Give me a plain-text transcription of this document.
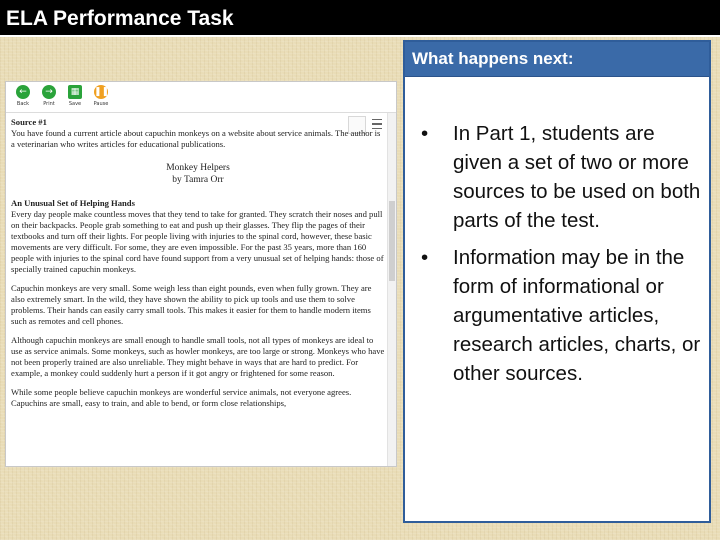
ELA Performance Task
←
Back
→
Print
▦
Save
❚❚
Pause
Source #1

You have found a current article about capuchin monkeys on a website about service animals. The author is a veterinarian who writes articles for educational publications.

Monkey Helpers
by Tamra Orr
An Unusual Set of Helping Hands

Every day people make countless moves that they tend to take for granted. They scratch their noses and pull on their backpacks. People grab something to eat and push up their glasses. They flip the pages of their textbooks and turn off their lights. For people living with injuries to the spinal cord, however, these basic movements are very difficult. For some, they are even impossible. For the past 35 years, more than 160 people with injuries to the spinal cord have found support from a very unusual set of helping hands: those of specially trained capuchin monkeys.

Capuchin monkeys are very small. Some weigh less than eight pounds, even when fully grown. They are also extremely smart. In the wild, they have shown the ability to pick up tools and use them to solve problems. Their hands can easily carry small tools. This makes it easier for them to handle modern items such as remotes and cell phones.

Although capuchin monkeys are small enough to handle small tools, not all types of monkeys are ideal to use as service animals. Some monkeys, such as howler monkeys, are too large or strong. Monkeys who have not been properly trained are also unreliable. They might behave in ways that are hard to predict. For example, a monkey could suddenly hurt a person if it got angry or frightened for some reason.

While some people believe capuchin monkeys are wonderful service animals, not everyone agrees. Capuchins are small, easy to train, and able to bend, or form close relationships,

What happens next:
• In Part 1, students are given a set of two or more sources to be used on both parts of the test.
• Information may be in the form of informational or argumentative articles, research articles, charts, or other sources.
